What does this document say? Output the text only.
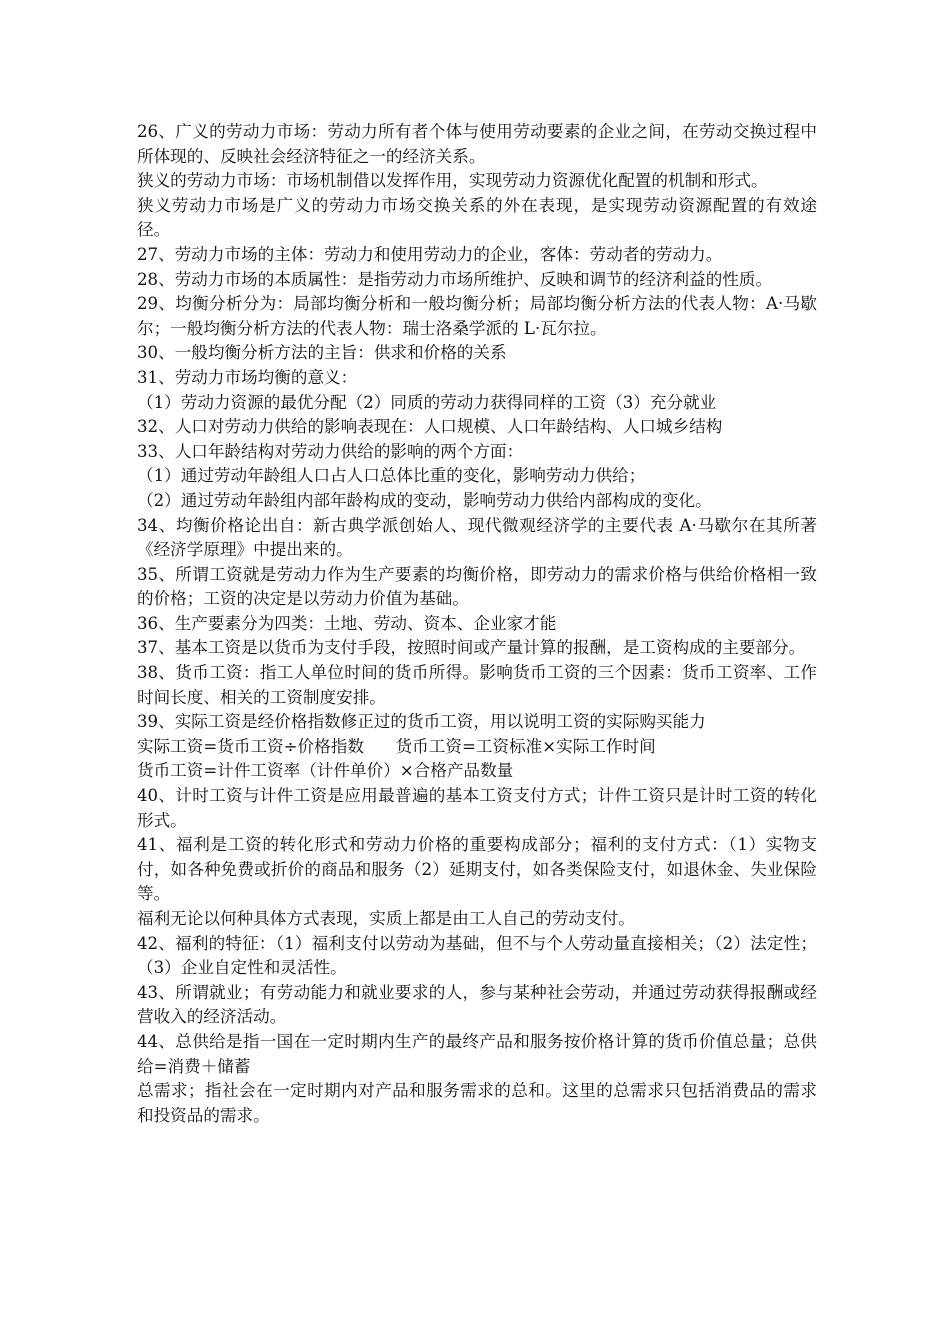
26、广义的劳动力市场：劳动力所有者个体与使用劳动要素的企业之间，在劳动交换过程中所体现的、反映社会经济特征之一的经济关系。

狭义的劳动力市场：市场机制借以发挥作用，实现劳动力资源优化配置的机制和形式。

狭义劳动力市场是广义的劳动力市场交换关系的外在表现，是实现劳动资源配置的有效途径。

27、劳动力市场的主体：劳动力和使用劳动力的企业，客体：劳动者的劳动力。

28、劳动力市场的本质属性：是指劳动力市场所维护、反映和调节的经济利益的性质。

29、均衡分析分为：局部均衡分析和一般均衡分析；局部均衡分析方法的代表人物：A·马歇尔；一般均衡分析方法的代表人物：瑞士洛桑学派的 L·瓦尔拉。

30、一般均衡分析方法的主旨：供求和价格的关系

31、劳动力市场均衡的意义：

（1）劳动力资源的最优分配（2）同质的劳动力获得同样的工资（3）充分就业

32、人口对劳动力供给的影响表现在：人口规模、人口年龄结构、人口城乡结构

33、人口年龄结构对劳动力供给的影响的两个方面：

（1）通过劳动年龄组人口占人口总体比重的变化，影响劳动力供给；

（2）通过劳动年龄组内部年龄构成的变动，影响劳动力供给内部构成的变化。

34、均衡价格论出自：新古典学派创始人、现代微观经济学的主要代表 A·马歇尔在其所著《经济学原理》中提出来的。

35、所谓工资就是劳动力作为生产要素的均衡价格，即劳动力的需求价格与供给价格相一致的价格；工资的决定是以劳动力价值为基础。

36、生产要素分为四类：土地、劳动、资本、企业家才能

37、基本工资是以货币为支付手段，按照时间或产量计算的报酬，是工资构成的主要部分。

38、货币工资：指工人单位时间的货币所得。影响货币工资的三个因素：货币工资率、工作时间长度、相关的工资制度安排。

39、实际工资是经价格指数修正过的货币工资，用以说明工资的实际购买能力

实际工资=货币工资÷价格指数      货币工资=工资标准×实际工作时间

货币工资=计件工资率（计件单价）×合格产品数量

40、计时工资与计件工资是应用最普遍的基本工资支付方式；计件工资只是计时工资的转化形式。

41、福利是工资的转化形式和劳动力价格的重要构成部分；福利的支付方式：（1）实物支付，如各种免费或折价的商品和服务（2）延期支付，如各类保险支付，如退休金、失业保险等。

福利无论以何种具体方式表现，实质上都是由工人自己的劳动支付。

42、福利的特征：（1）福利支付以劳动为基础，但不与个人劳动量直接相关；（2）法定性；（3）企业自定性和灵活性。

43、所谓就业；有劳动能力和就业要求的人，参与某种社会劳动，并通过劳动获得报酬或经营收入的经济活动。

44、总供给是指一国在一定时期内生产的最终产品和服务按价格计算的货币价值总量；总供给=消费＋储蓄

总需求；指社会在一定时期内对产品和服务需求的总和。这里的总需求只包括消费品的需求和投资品的需求。
